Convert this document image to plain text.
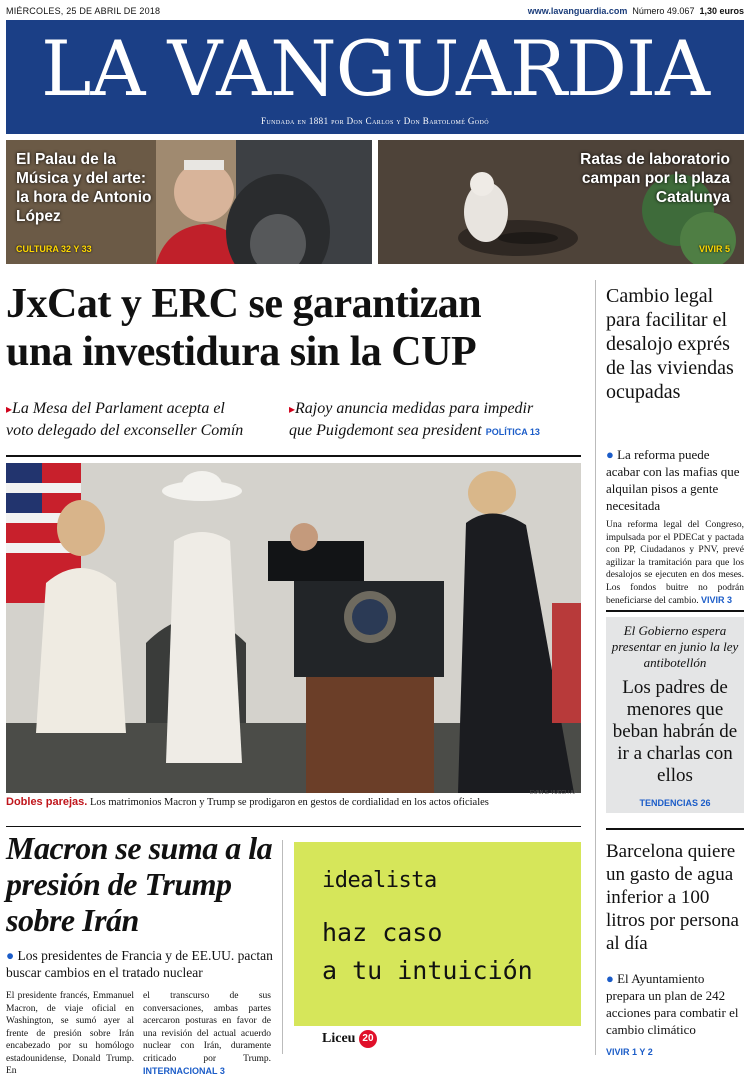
MIÉRCOLES, 25 DE ABRIL DE 2018	www.lavanguardia.com Número 49.067 1,30 euros
LA VANGUARDIA
Fundada en 1881 por Don Carlos y Don Bartolomé Godó
El Palau de la Música y del arte: la hora de Antonio López
CULTURA 32 Y 33
Ratas de laboratorio campan por la plaza Catalunya
VIVIR 5
JxCat y ERC se garantizan
una investidura sin la CUP
▸La Mesa del Parlament acepta el
voto delegado del exconseller Comín
▸Rajoy anuncia medidas para impedir
que Puigdemont sea president POLÍTICA 13
EVAN S. VUCCI / AP
Dobles parejas. Los matrimonios Macron y Trump se prodigaron en gestos de cordialidad en los actos oficiales
Cambio legal para facilitar el desalojo exprés de las viviendas ocupadas
● La reforma puede acabar con las mafias que alquilan pisos a gente necesitada
Una reforma legal del Congreso, impulsada por el PDECat y pactada con PP, Ciudadanos y PNV, prevé agilizar la tramitación para que los desalojos se ejecuten en dos meses. Los fondos buitre no podrán beneficiarse del cambio. VIVIR 3
El Gobierno espera presentar en junio la ley antibotellón
Los padres de menores que beban habrán de ir a charlas con ellos
TENDENCIAS 26
Macron se suma a la presión de Trump sobre Irán
● Los presidentes de Francia y de EE.UU. pactan buscar cambios en el tratado nuclear
El presidente francés, Emmanuel Macron, de viaje oficial en Washington, se sumó ayer al frente de presión sobre Irán encabezado por su homólogo estadounidense, Donald Trump. En
el transcurso de sus conversaciones, ambas partes acercaron posturas en favor de una revisión del actual acuerdo nuclear con Irán, duramente criticado por Trump. INTERNACIONAL 3
idealista
haz caso
a tu intuición
Liceu 20
Barcelona quiere un gasto de agua inferior a 100 litros por persona al día
● El Ayuntamiento prepara un plan de 242 acciones para combatir el cambio climático
VIVIR 1 Y 2
